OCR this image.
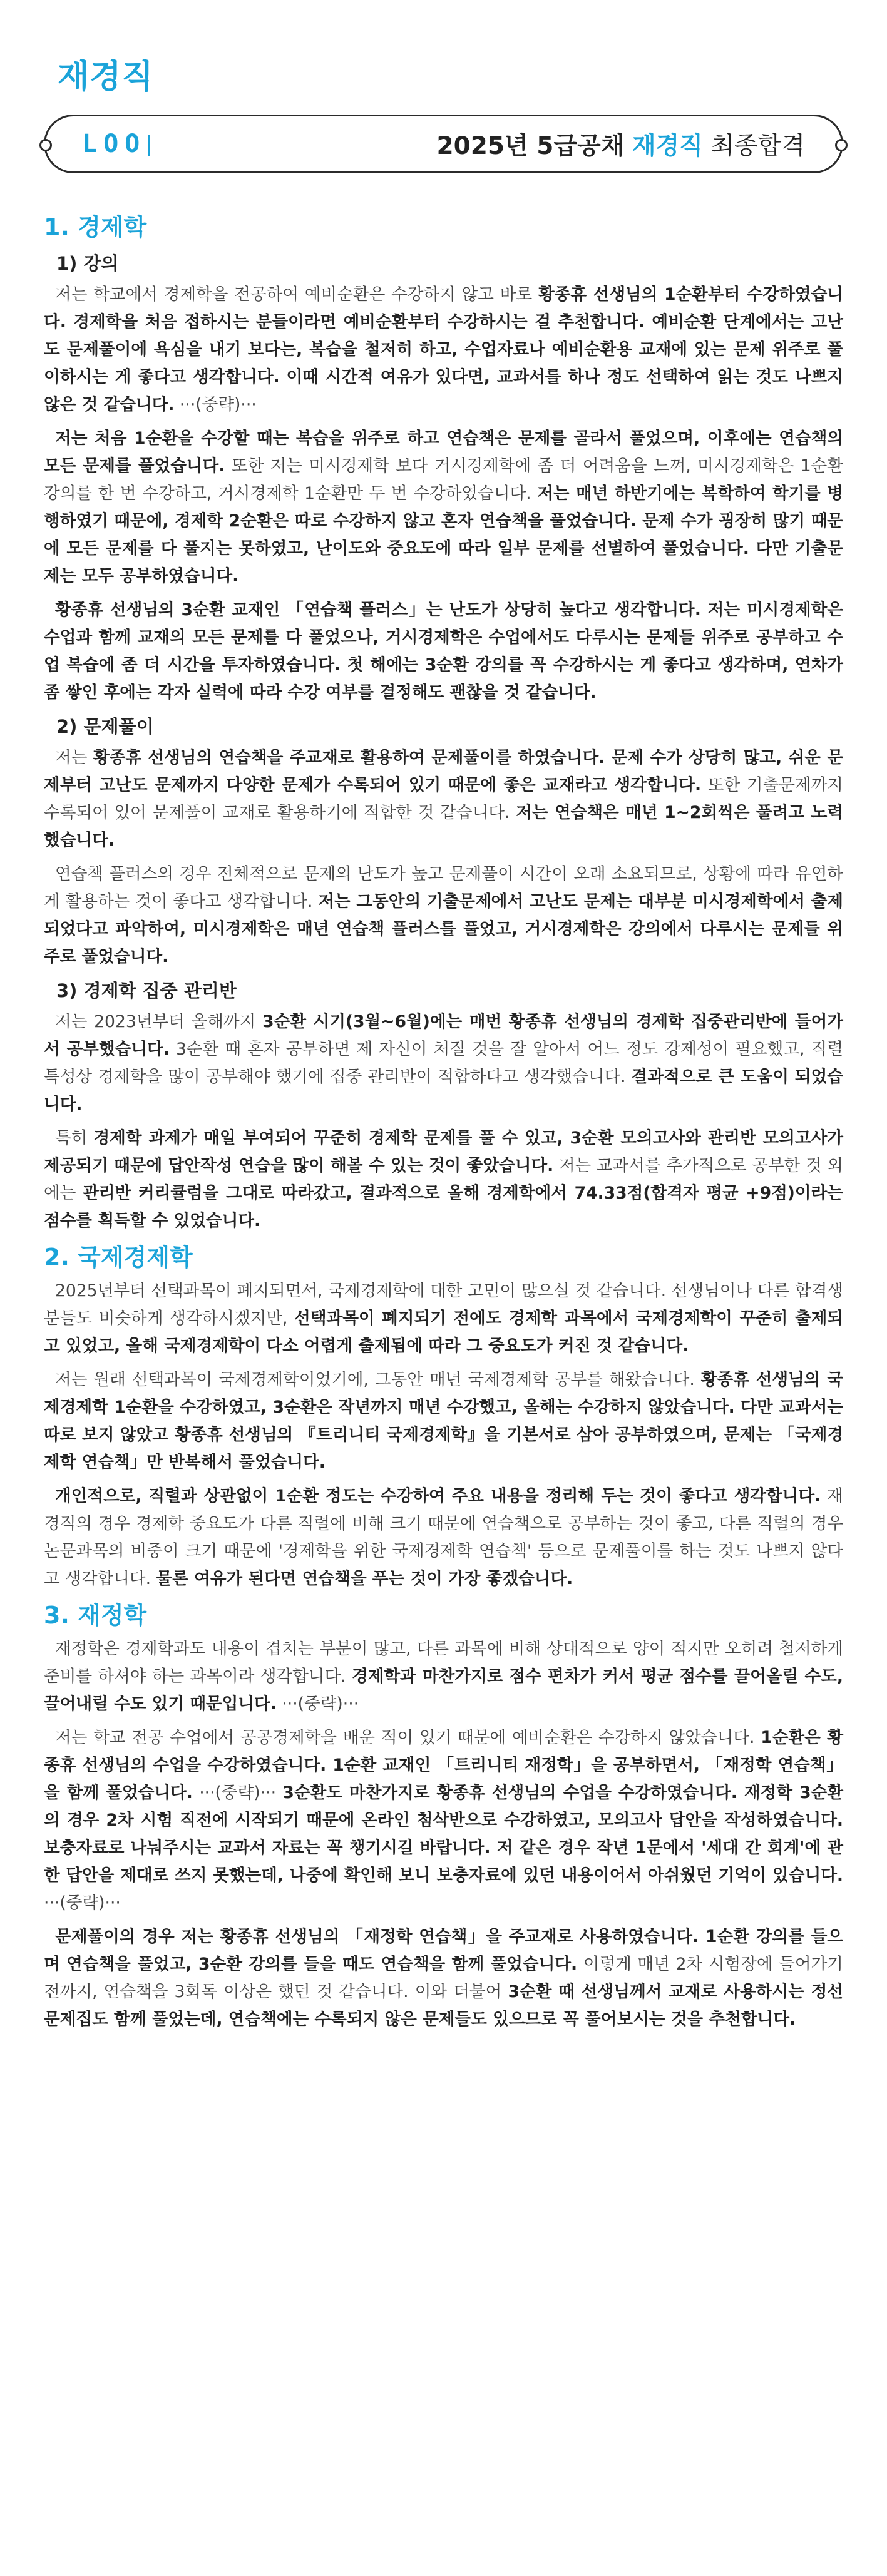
재경직
LOO	2025년 5급공채 재경직 최종합격
1. 경제학
1) 강의

저는 학교에서 경제학을 전공하여 예비순환은 수강하지 않고 바로 황종휴 선생님의 1순환부터 수강하였습니다. 경제학을 처음 접하시는 분들이라면 예비순환부터 수강하시는 걸 추천합니다. 예비순환 단계에서는 고난도 문제풀이에 욕심을 내기 보다는, 복습을 철저히 하고, 수업자료나 예비순환용 교재에 있는 문제 위주로 풀이하시는 게 좋다고 생각합니다. 이때 시간적 여유가 있다면, 교과서를 하나 정도 선택하여 읽는 것도 나쁘지 않은 것 같습니다. ···(중략)···

저는 처음 1순환을 수강할 때는 복습을 위주로 하고 연습책은 문제를 골라서 풀었으며, 이후에는 연습책의 모든 문제를 풀었습니다. 또한 저는 미시경제학 보다 거시경제학에 좀 더 어려움을 느껴, 미시경제학은 1순환 강의를 한 번 수강하고, 거시경제학 1순환만 두 번 수강하였습니다. 저는 매년 하반기에는 복학하여 학기를 병행하였기 때문에, 경제학 2순환은 따로 수강하지 않고 혼자 연습책을 풀었습니다. 문제 수가 굉장히 많기 때문에 모든 문제를 다 풀지는 못하였고, 난이도와 중요도에 따라 일부 문제를 선별하여 풀었습니다. 다만 기출문제는 모두 공부하였습니다.

황종휴 선생님의 3순환 교재인 「연습책 플러스」는 난도가 상당히 높다고 생각합니다. 저는 미시경제학은 수업과 함께 교재의 모든 문제를 다 풀었으나, 거시경제학은 수업에서도 다루시는 문제들 위주로 공부하고 수업 복습에 좀 더 시간을 투자하였습니다. 첫 해에는 3순환 강의를 꼭 수강하시는 게 좋다고 생각하며, 연차가 좀 쌓인 후에는 각자 실력에 따라 수강 여부를 결정해도 괜찮을 것 같습니다.

2) 문제풀이

저는 황종휴 선생님의 연습책을 주교재로 활용하여 문제풀이를 하였습니다. 문제 수가 상당히 많고, 쉬운 문제부터 고난도 문제까지 다양한 문제가 수록되어 있기 때문에 좋은 교재라고 생각합니다. 또한 기출문제까지 수록되어 있어 문제풀이 교재로 활용하기에 적합한 것 같습니다. 저는 연습책은 매년 1~2회씩은 풀려고 노력했습니다.

연습책 플러스의 경우 전체적으로 문제의 난도가 높고 문제풀이 시간이 오래 소요되므로, 상황에 따라 유연하게 활용하는 것이 좋다고 생각합니다. 저는 그동안의 기출문제에서 고난도 문제는 대부분 미시경제학에서 출제되었다고 파악하여, 미시경제학은 매년 연습책 플러스를 풀었고, 거시경제학은 강의에서 다루시는 문제들 위주로 풀었습니다.

3) 경제학 집중 관리반

저는 2023년부터 올해까지 3순환 시기(3월~6월)에는 매번 황종휴 선생님의 경제학 집중관리반에 들어가서 공부했습니다. 3순환 때 혼자 공부하면 제 자신이 처질 것을 잘 알아서 어느 정도 강제성이 필요했고, 직렬 특성상 경제학을 많이 공부해야 했기에 집중 관리반이 적합하다고 생각했습니다. 결과적으로 큰 도움이 되었습니다.

특히 경제학 과제가 매일 부여되어 꾸준히 경제학 문제를 풀 수 있고, 3순환 모의고사와 관리반 모의고사가 제공되기 때문에 답안작성 연습을 많이 해볼 수 있는 것이 좋았습니다. 저는 교과서를 추가적으로 공부한 것 외에는 관리반 커리큘럼을 그대로 따라갔고, 결과적으로 올해 경제학에서 74.33점(합격자 평균 +9점)이라는 점수를 획득할 수 있었습니다.

2. 국제경제학

2025년부터 선택과목이 폐지되면서, 국제경제학에 대한 고민이 많으실 것 같습니다. 선생님이나 다른 합격생분들도 비슷하게 생각하시겠지만, 선택과목이 폐지되기 전에도 경제학 과목에서 국제경제학이 꾸준히 출제되고 있었고, 올해 국제경제학이 다소 어렵게 출제됨에 따라 그 중요도가 커진 것 같습니다.

저는 원래 선택과목이 국제경제학이었기에, 그동안 매년 국제경제학 공부를 해왔습니다. 황종휴 선생님의 국제경제학 1순환을 수강하였고, 3순환은 작년까지 매년 수강했고, 올해는 수강하지 않았습니다. 다만 교과서는 따로 보지 않았고 황종휴 선생님의 『트리니티 국제경제학』을 기본서로 삼아 공부하였으며, 문제는 「국제경제학 연습책」만 반복해서 풀었습니다.

개인적으로, 직렬과 상관없이 1순환 정도는 수강하여 주요 내용을 정리해 두는 것이 좋다고 생각합니다. 재경직의 경우 경제학 중요도가 다른 직렬에 비해 크기 때문에 연습책으로 공부하는 것이 좋고, 다른 직렬의 경우 논문과목의 비중이 크기 때문에 '경제학을 위한 국제경제학 연습책' 등으로 문제풀이를 하는 것도 나쁘지 않다고 생각합니다. 물론 여유가 된다면 연습책을 푸는 것이 가장 좋겠습니다.

3. 재정학

재정학은 경제학과도 내용이 겹치는 부분이 많고, 다른 과목에 비해 상대적으로 양이 적지만 오히려 철저하게 준비를 하셔야 하는 과목이라 생각합니다. 경제학과 마찬가지로 점수 편차가 커서 평균 점수를 끌어올릴 수도, 끌어내릴 수도 있기 때문입니다. ···(중략)···

저는 학교 전공 수업에서 공공경제학을 배운 적이 있기 때문에 예비순환은 수강하지 않았습니다. 1순환은 황종휴 선생님의 수업을 수강하였습니다. 1순환 교재인 「트리니티 재정학」을 공부하면서, 「재정학 연습책」을 함께 풀었습니다. ···(중략)··· 3순환도 마찬가지로 황종휴 선생님의 수업을 수강하였습니다. 재정학 3순환의 경우 2차 시험 직전에 시작되기 때문에 온라인 첨삭반으로 수강하였고, 모의고사 답안을 작성하였습니다. 보충자료로 나눠주시는 교과서 자료는 꼭 챙기시길 바랍니다. 저 같은 경우 작년 1문에서 '세대 간 회계'에 관한 답안을 제대로 쓰지 못했는데, 나중에 확인해 보니 보충자료에 있던 내용이어서 아쉬웠던 기억이 있습니다. ···(중략)···

문제풀이의 경우 저는 황종휴 선생님의 「재정학 연습책」을 주교재로 사용하였습니다. 1순환 강의를 들으며 연습책을 풀었고, 3순환 강의를 들을 때도 연습책을 함께 풀었습니다. 이렇게 매년 2차 시험장에 들어가기 전까지, 연습책을 3회독 이상은 했던 것 같습니다. 이와 더불어 3순환 때 선생님께서 교재로 사용하시는 정선문제집도 함께 풀었는데, 연습책에는 수록되지 않은 문제들도 있으므로 꼭 풀어보시는 것을 추천합니다.
